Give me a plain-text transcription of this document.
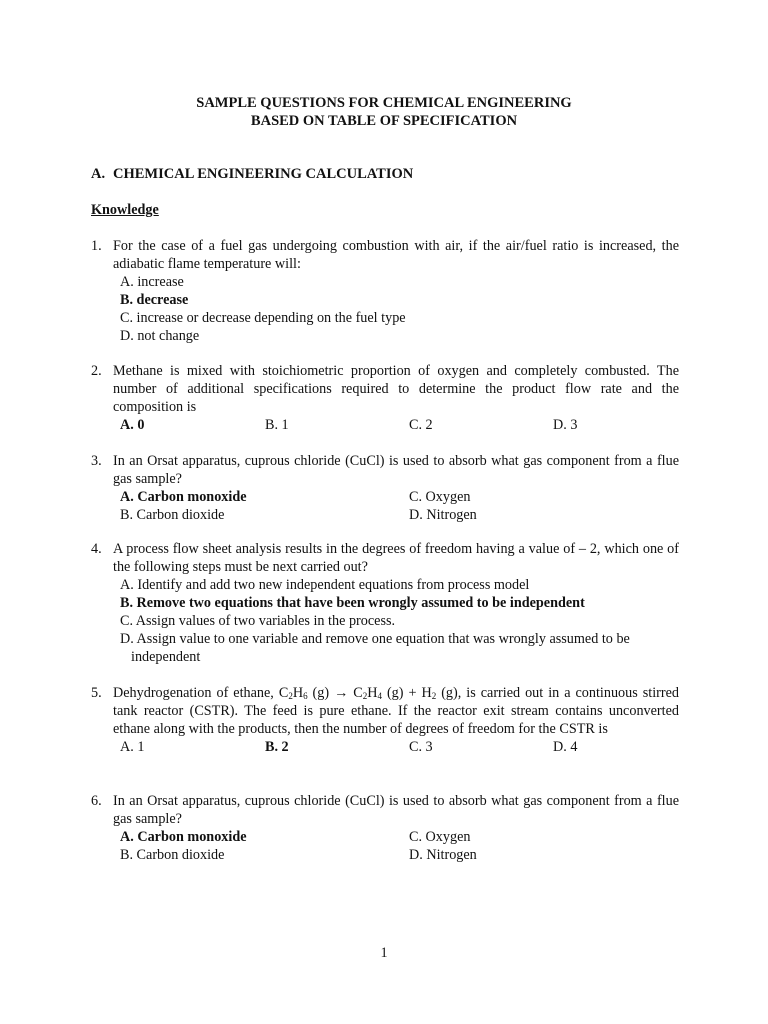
SAMPLE QUESTIONS FOR CHEMICAL ENGINEERING
BASED ON TABLE OF SPECIFICATION
A. CHEMICAL ENGINEERING CALCULATION
Knowledge
1. For the case of a fuel gas undergoing combustion with air, if the air/fuel ratio is increased, the adiabatic flame temperature will:
A. increase
B. decrease
C. increase or decrease depending on the fuel type
D. not change
2. Methane is mixed with stoichiometric proportion of oxygen and completely combusted. The number of additional specifications required to determine the product flow rate and the composition is
A. 0	B. 1	C. 2	D. 3
3. In an Orsat apparatus, cuprous chloride (CuCl) is used to absorb what gas component from a flue gas sample?
A. Carbon monoxide	C. Oxygen
B. Carbon dioxide	D. Nitrogen
4. A process flow sheet analysis results in the degrees of freedom having a value of – 2, which one of the following steps must be next carried out?
A. Identify and add two new independent equations from process model
B. Remove two equations that have been wrongly assumed to be independent
C. Assign values of two variables in the process.
D. Assign value to one variable and remove one equation that was wrongly assumed to be
independent
5. Dehydrogenation of ethane, $C_2H_6$ $(g) \to C_2H_4$ $(g) + H_2$ (g), is carried out in a continuous stirred tank reactor (CSTR). The feed is pure ethane. If the reactor exit stream contains unconverted ethane along with the products, then the number of degrees of freedom for the CSTR is
A. 1	B. 2	C. 3	D. 4
6. In an Orsat apparatus, cuprous chloride (CuCl) is used to absorb what gas component from a flue gas sample?
A. Carbon monoxide	C. Oxygen
B. Carbon dioxide	D. Nitrogen
1
